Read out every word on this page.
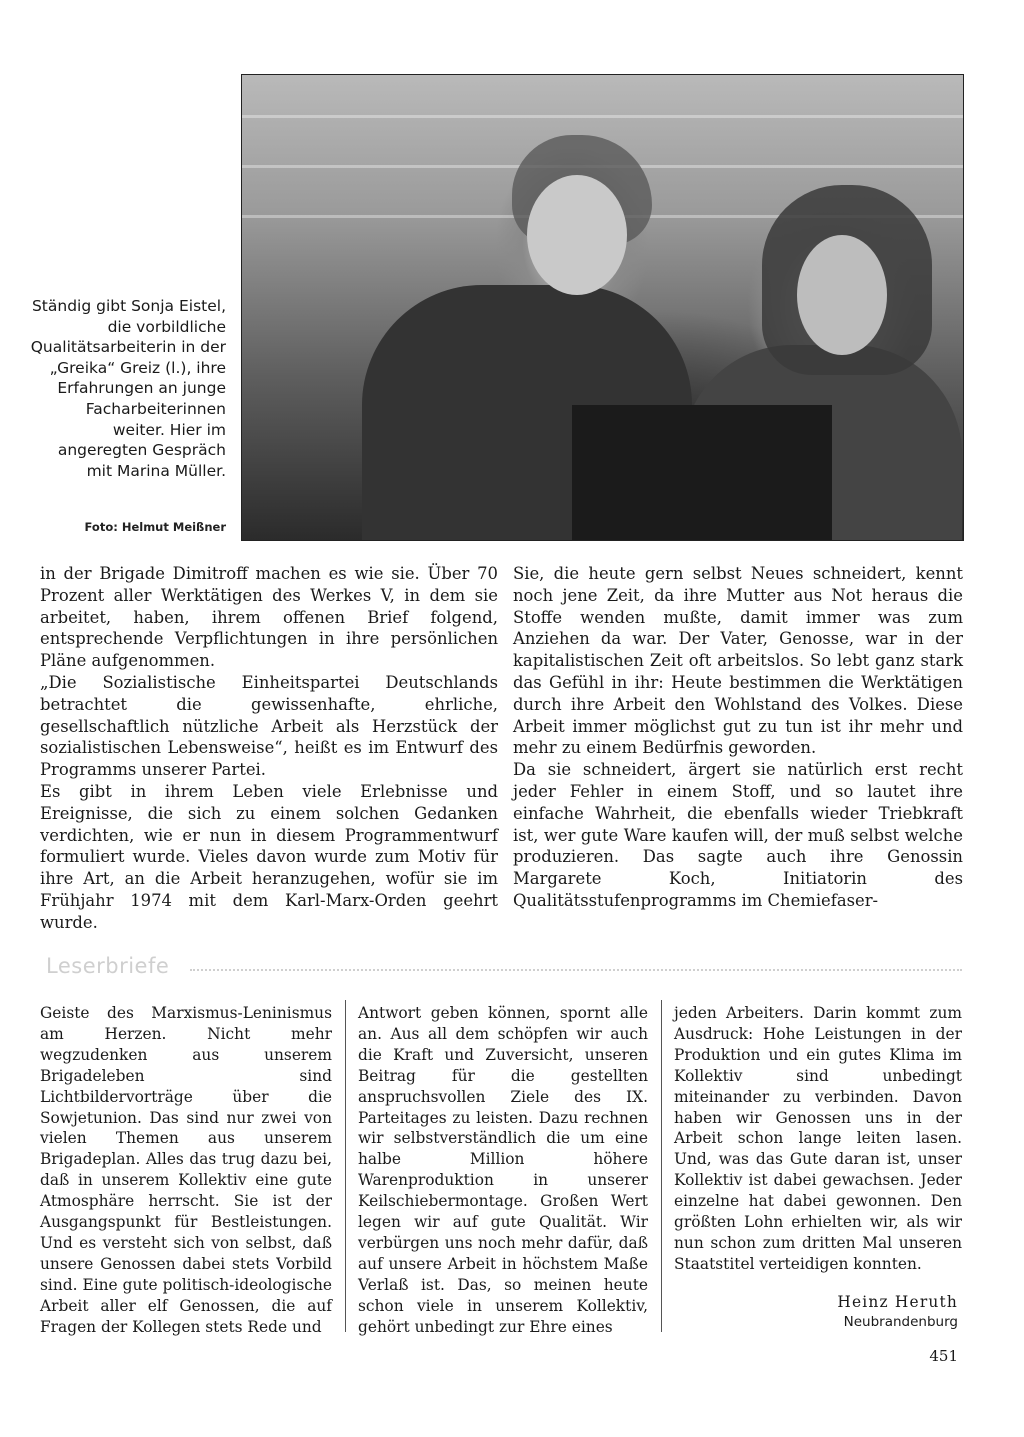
Ständig gibt Sonja Eistel, die vorbildliche Qualitätsarbeiterin in der „Greika“ Greiz (l.), ihre Erfahrungen an junge Facharbeiterinnen weiter. Hier im angeregten Gespräch mit Marina Müller.
Foto: Helmut Meißner

in der Brigade Dimitroff machen es wie sie. Über 70 Prozent aller Werktätigen des Werkes V, in dem sie arbeitet, haben, ihrem offenen Brief folgend, entsprechende Verpflichtungen in ihre persönlichen Pläne aufgenommen.

„Die Sozialistische Einheitspartei Deutschlands betrachtet die gewissenhafte, ehrliche, gesellschaftlich nützliche Arbeit als Herzstück der sozialistischen Lebensweise“, heißt es im Entwurf des Programms unserer Partei.

Es gibt in ihrem Leben viele Erlebnisse und Ereignisse, die sich zu einem solchen Gedanken verdichten, wie er nun in diesem Programmentwurf formuliert wurde. Vieles davon wurde zum Motiv für ihre Art, an die Arbeit heranzugehen, wofür sie im Frühjahr 1974 mit dem Karl-Marx-Orden geehrt wurde.

Sie, die heute gern selbst Neues schneidert, kennt noch jene Zeit, da ihre Mutter aus Not heraus die Stoffe wenden mußte, damit immer was zum Anziehen da war. Der Vater, Genosse, war in der kapitalistischen Zeit oft arbeitslos. So lebt ganz stark das Gefühl in ihr: Heute bestimmen die Werktätigen durch ihre Arbeit den Wohlstand des Volkes. Diese Arbeit immer möglichst gut zu tun ist ihr mehr und mehr zu einem Bedürfnis geworden.

Da sie schneidert, ärgert sie natürlich erst recht jeder Fehler in einem Stoff, und so lautet ihre einfache Wahrheit, die ebenfalls wieder Triebkraft ist, wer gute Ware kaufen will, der muß selbst welche produzieren. Das sagte auch ihre Genossin Margarete Koch, Initiatorin des Qualitätsstufenprogramms im Chemiefaser-

Leserbriefe
Geiste des Marxismus-Leninismus am Herzen. Nicht mehr wegzudenken aus unserem Brigadeleben sind Lichtbildervorträge über die Sowjetunion. Das sind nur zwei von vielen Themen aus unserem Brigadeplan. Alles das trug dazu bei, daß in unserem Kollektiv eine gute Atmosphäre herrscht. Sie ist der Ausgangspunkt für Bestleistungen. Und es versteht sich von selbst, daß unsere Genossen dabei stets Vorbild sind. Eine gute politisch-ideologische Arbeit aller elf Genossen, die auf Fragen der Kollegen stets Rede und
Antwort geben können, spornt alle an. Aus all dem schöpfen wir auch die Kraft und Zuversicht, unseren Beitrag für die gestellten anspruchsvollen Ziele des IX. Parteitages zu leisten. Dazu rechnen wir selbstverständlich die um eine halbe Million höhere Warenproduktion in unserer Keilschiebermontage. Großen Wert legen wir auf gute Qualität. Wir verbürgen uns noch mehr dafür, daß auf unsere Arbeit in höchstem Maße Verlaß ist. Das, so meinen heute schon viele in unserem Kollektiv, gehört unbedingt zur Ehre eines
jeden Arbeiters. Darin kommt zum Ausdruck: Hohe Leistungen in der Produktion und ein gutes Klima im Kollektiv sind unbedingt miteinander zu verbinden. Davon haben wir Genossen uns in der Arbeit schon lange leiten lasen. Und, was das Gute daran ist, unser Kollektiv ist dabei gewachsen. Jeder einzelne hat dabei gewonnen. Den größten Lohn erhielten wir, als wir nun schon zum dritten Mal unseren Staatstitel verteidigen konnten.
Heinz Heruth
Neubrandenburg
451
